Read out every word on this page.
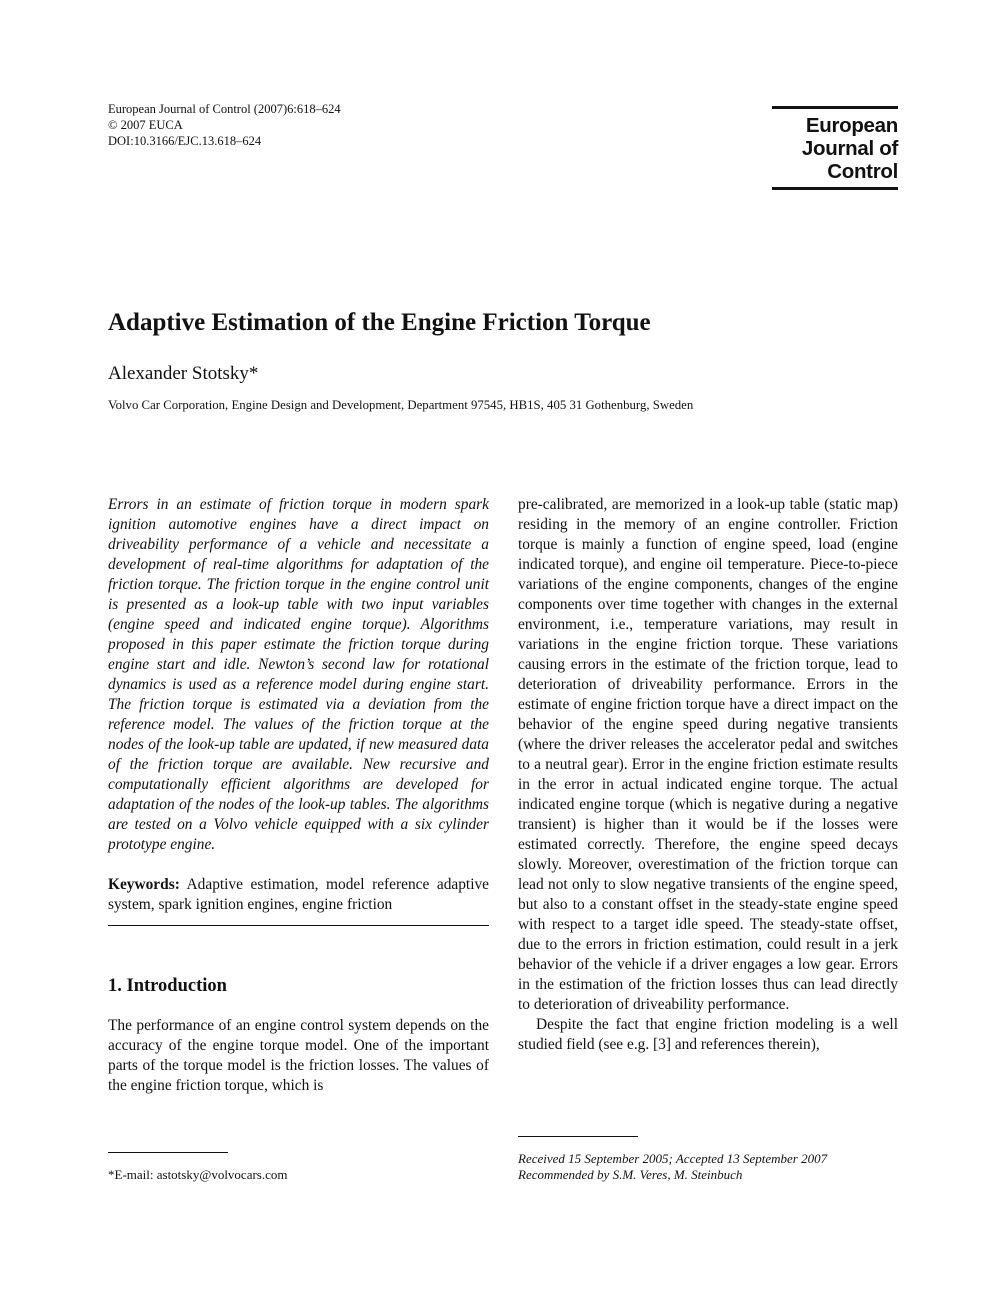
European Journal of Control (2007)6:618–624
© 2007 EUCA
DOI:10.3166/EJC.13.618–624
European
Journal of
Control
Adaptive Estimation of the Engine Friction Torque
Alexander Stotsky*
Volvo Car Corporation, Engine Design and Development, Department 97545, HB1S, 405 31 Gothenburg, Sweden

Errors in an estimate of friction torque in modern spark ignition automotive engines have a direct impact on driveability performance of a vehicle and necessitate a development of real-time algorithms for adaptation of the friction torque. The friction torque in the engine control unit is presented as a look-up table with two input variables (engine speed and indicated engine torque). Algorithms proposed in this paper estimate the friction torque during engine start and idle. Newton’s second law for rotational dynamics is used as a reference model during engine start. The friction torque is estimated via a deviation from the reference model. The values of the friction torque at the nodes of the look-up table are updated, if new measured data of the friction torque are available. New recursive and computationally efficient algorithms are developed for adaptation of the nodes of the look-up tables. The algorithms are tested on a Volvo vehicle equipped with a six cylinder prototype engine.

Keywords: Adaptive estimation, model reference adaptive system, spark ignition engines, engine friction

1. Introduction

The performance of an engine control system depends on the accuracy of the engine torque model. One of the important parts of the torque model is the friction losses. The values of the engine friction torque, which is

pre-calibrated, are memorized in a look-up table (static map) residing in the memory of an engine controller. Friction torque is mainly a function of engine speed, load (engine indicated torque), and engine oil temperature. Piece-to-piece variations of the engine components, changes of the engine components over time together with changes in the external environment, i.e., temperature variations, may result in variations in the engine friction torque. These variations causing errors in the estimate of the friction torque, lead to deterioration of driveability performance. Errors in the estimate of engine friction torque have a direct impact on the behavior of the engine speed during negative transients (where the driver releases the accelerator pedal and switches to a neutral gear). Error in the engine friction estimate results in the error in actual indicated engine torque. The actual indicated engine torque (which is negative during a negative transient) is higher than it would be if the losses were estimated correctly. Therefore, the engine speed decays slowly. Moreover, overestimation of the friction torque can lead not only to slow negative transients of the engine speed, but also to a constant offset in the steady-state engine speed with respect to a target idle speed. The steady-state offset, due to the errors in friction estimation, could result in a jerk behavior of the vehicle if a driver engages a low gear. Errors in the estimation of the friction losses thus can lead directly to deterioration of driveability performance.

Despite the fact that engine friction modeling is a well studied field (see e.g. [3] and references therein),

*E-mail: astotsky@volvocars.com
Received 15 September 2005; Accepted 13 September 2007
Recommended by S.M. Veres, M. Steinbuch
